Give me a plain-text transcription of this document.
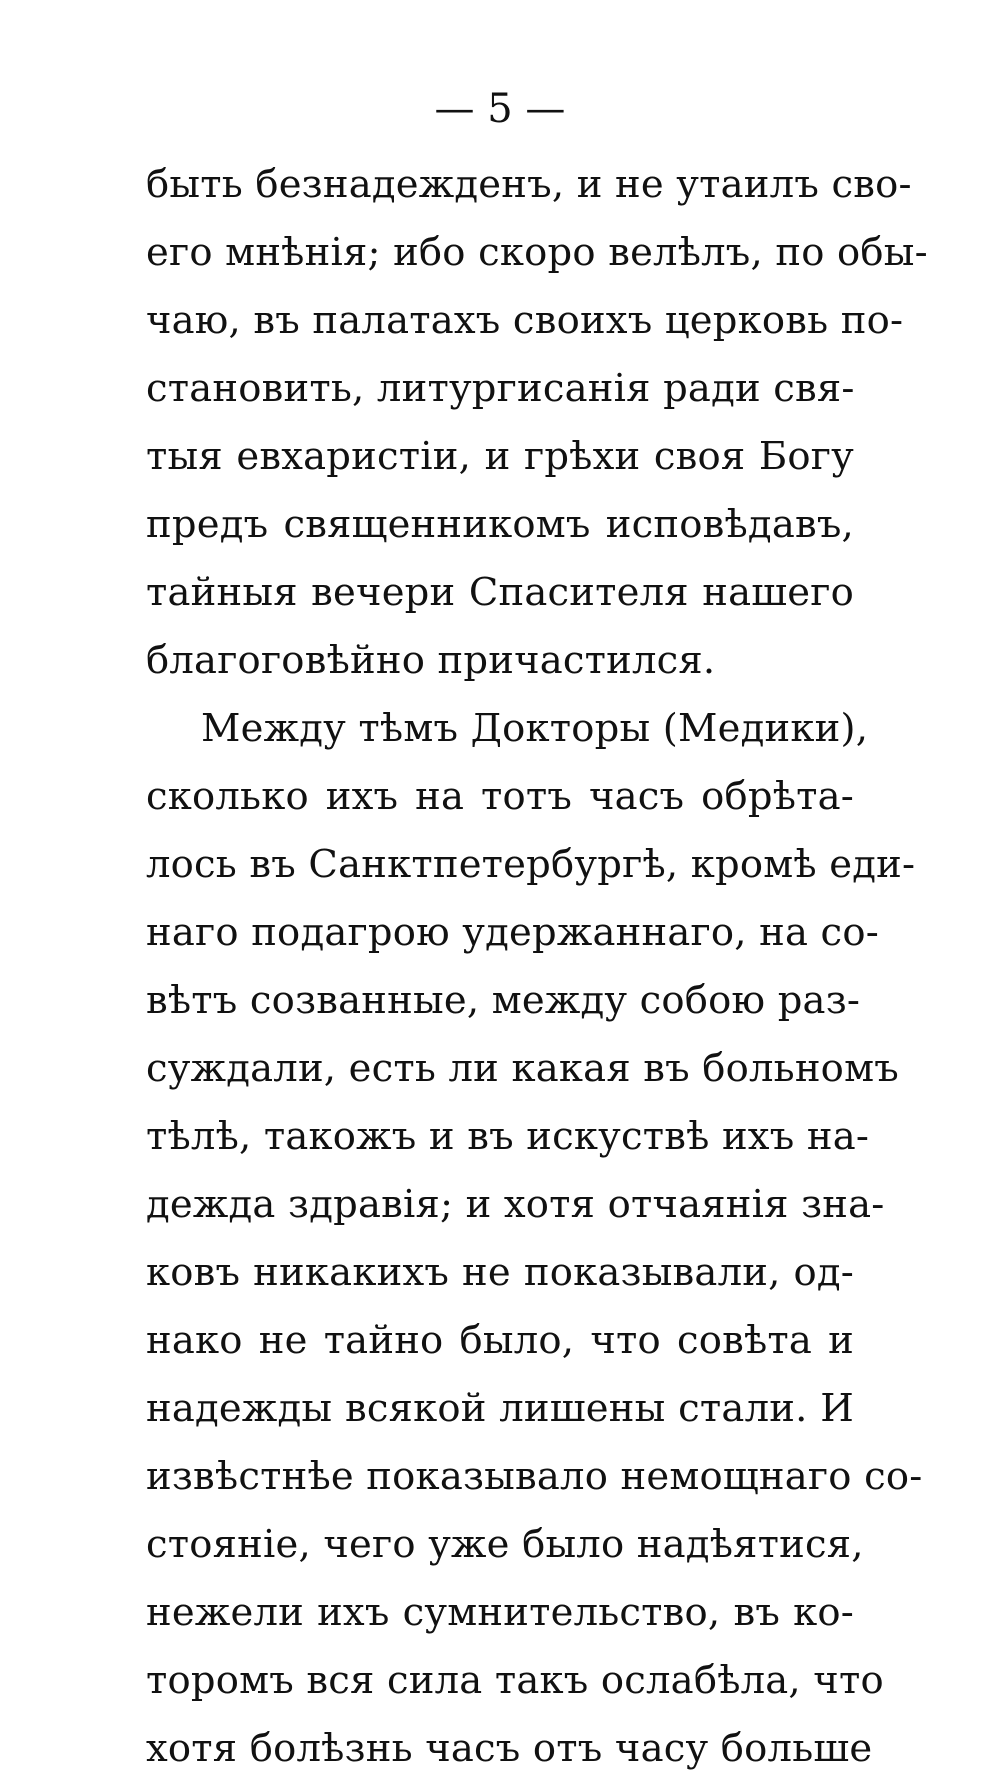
— 5 —
быть безнадежденъ, и не утаилъ сво-
его мнѣнія; ибо скоро велѣлъ, по обы-
чаю, въ палатахъ своихъ церковь по-
становить, литургисанія ради свя-
тыя евхаристіи, и грѣхи своя Богу
предъ священникомъ исповѣдавъ,
тайныя вечери Спасителя нашего
благоговѣйно причастился.
Между тѣмъ Докторы (Медики),
сколько ихъ на тотъ часъ обрѣта-
лось въ Санктпетербургѣ, кромѣ еди-
наго подагрою удержаннаго, на со-
вѣтъ созванные, между собою раз-
суждали, есть ли какая въ больномъ
тѣлѣ, такожъ и въ искуствѣ ихъ на-
дежда здравія; и хотя отчаянія зна-
ковъ никакихъ не показывали, од-
нако не тайно было, что совѣта и
надежды всякой лишены стали. И
извѣстнѣе показывало немощнаго со-
стояніе, чего уже было надѣятися,
нежели ихъ сумнительство, въ ко-
торомъ вся сила такъ ослабѣла, что
хотя болѣзнь часъ отъ часу больше
